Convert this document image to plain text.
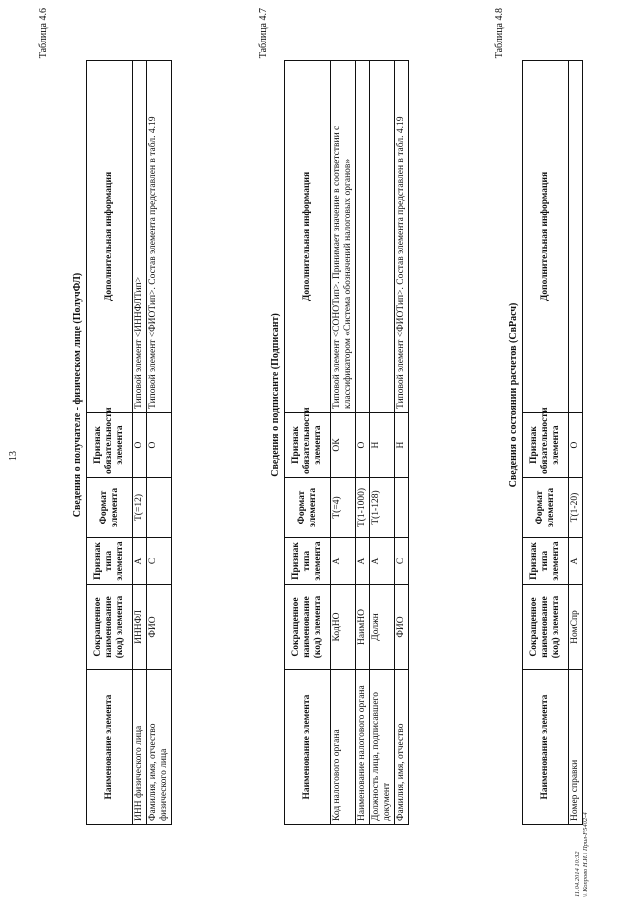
13
Таблица 4.6
Сведения о получателе - физическом лице (ПолучФЛ)
Наименование элемента	Сокращенное наименование (код) элемента	Признак типа элемента	Формат элемента	Признак обязательности элемента	Дополнительная информация
ИНН физического лица	ИННФЛ	А	T(=12)	О	Типовой элемент <ИННФЛТип>
Фамилия, имя, отчество физического лица	ФИО	С		О	Типовой элемент <ФИОТип>. Состав элемента представлен в табл. 4.19
Таблица 4.7
Сведения о подписанте (Подписант)
Наименование элемента	Сокращенное наименование (код) элемента	Признак типа элемента	Формат элемента	Признак обязательности элемента	Дополнительная информация
Код налогового органа	КодНО	А	T(=4)	ОК	Типовой элемент <СОНОТип>. Принимает значение в соответствии с классификатором «Система обозначений налоговых органов»
Наименование налогового органа	НаимНО	А	T(1-1000)	О	
Должность лица, подписавшего документ	Должн	А	T(1-128)	Н	
Фамилия, имя, отчество	ФИО	С		Н	Типовой элемент <ФИОТип>. Состав элемента представлен в табл. 4.19
Таблица 4.8
Сведения о состоянии расчетов (СвРасч)
Наименование элемента	Сокращенное наименование (код) элемента	Признак типа элемента	Формат элемента	Признак обязательности элемента	Дополнительная информация
Номер справки	НомСпр	А	T(1-20)	О	
11.04.2014 10:32 \\ Копрово Н.И.\ Прил-F5402-4
